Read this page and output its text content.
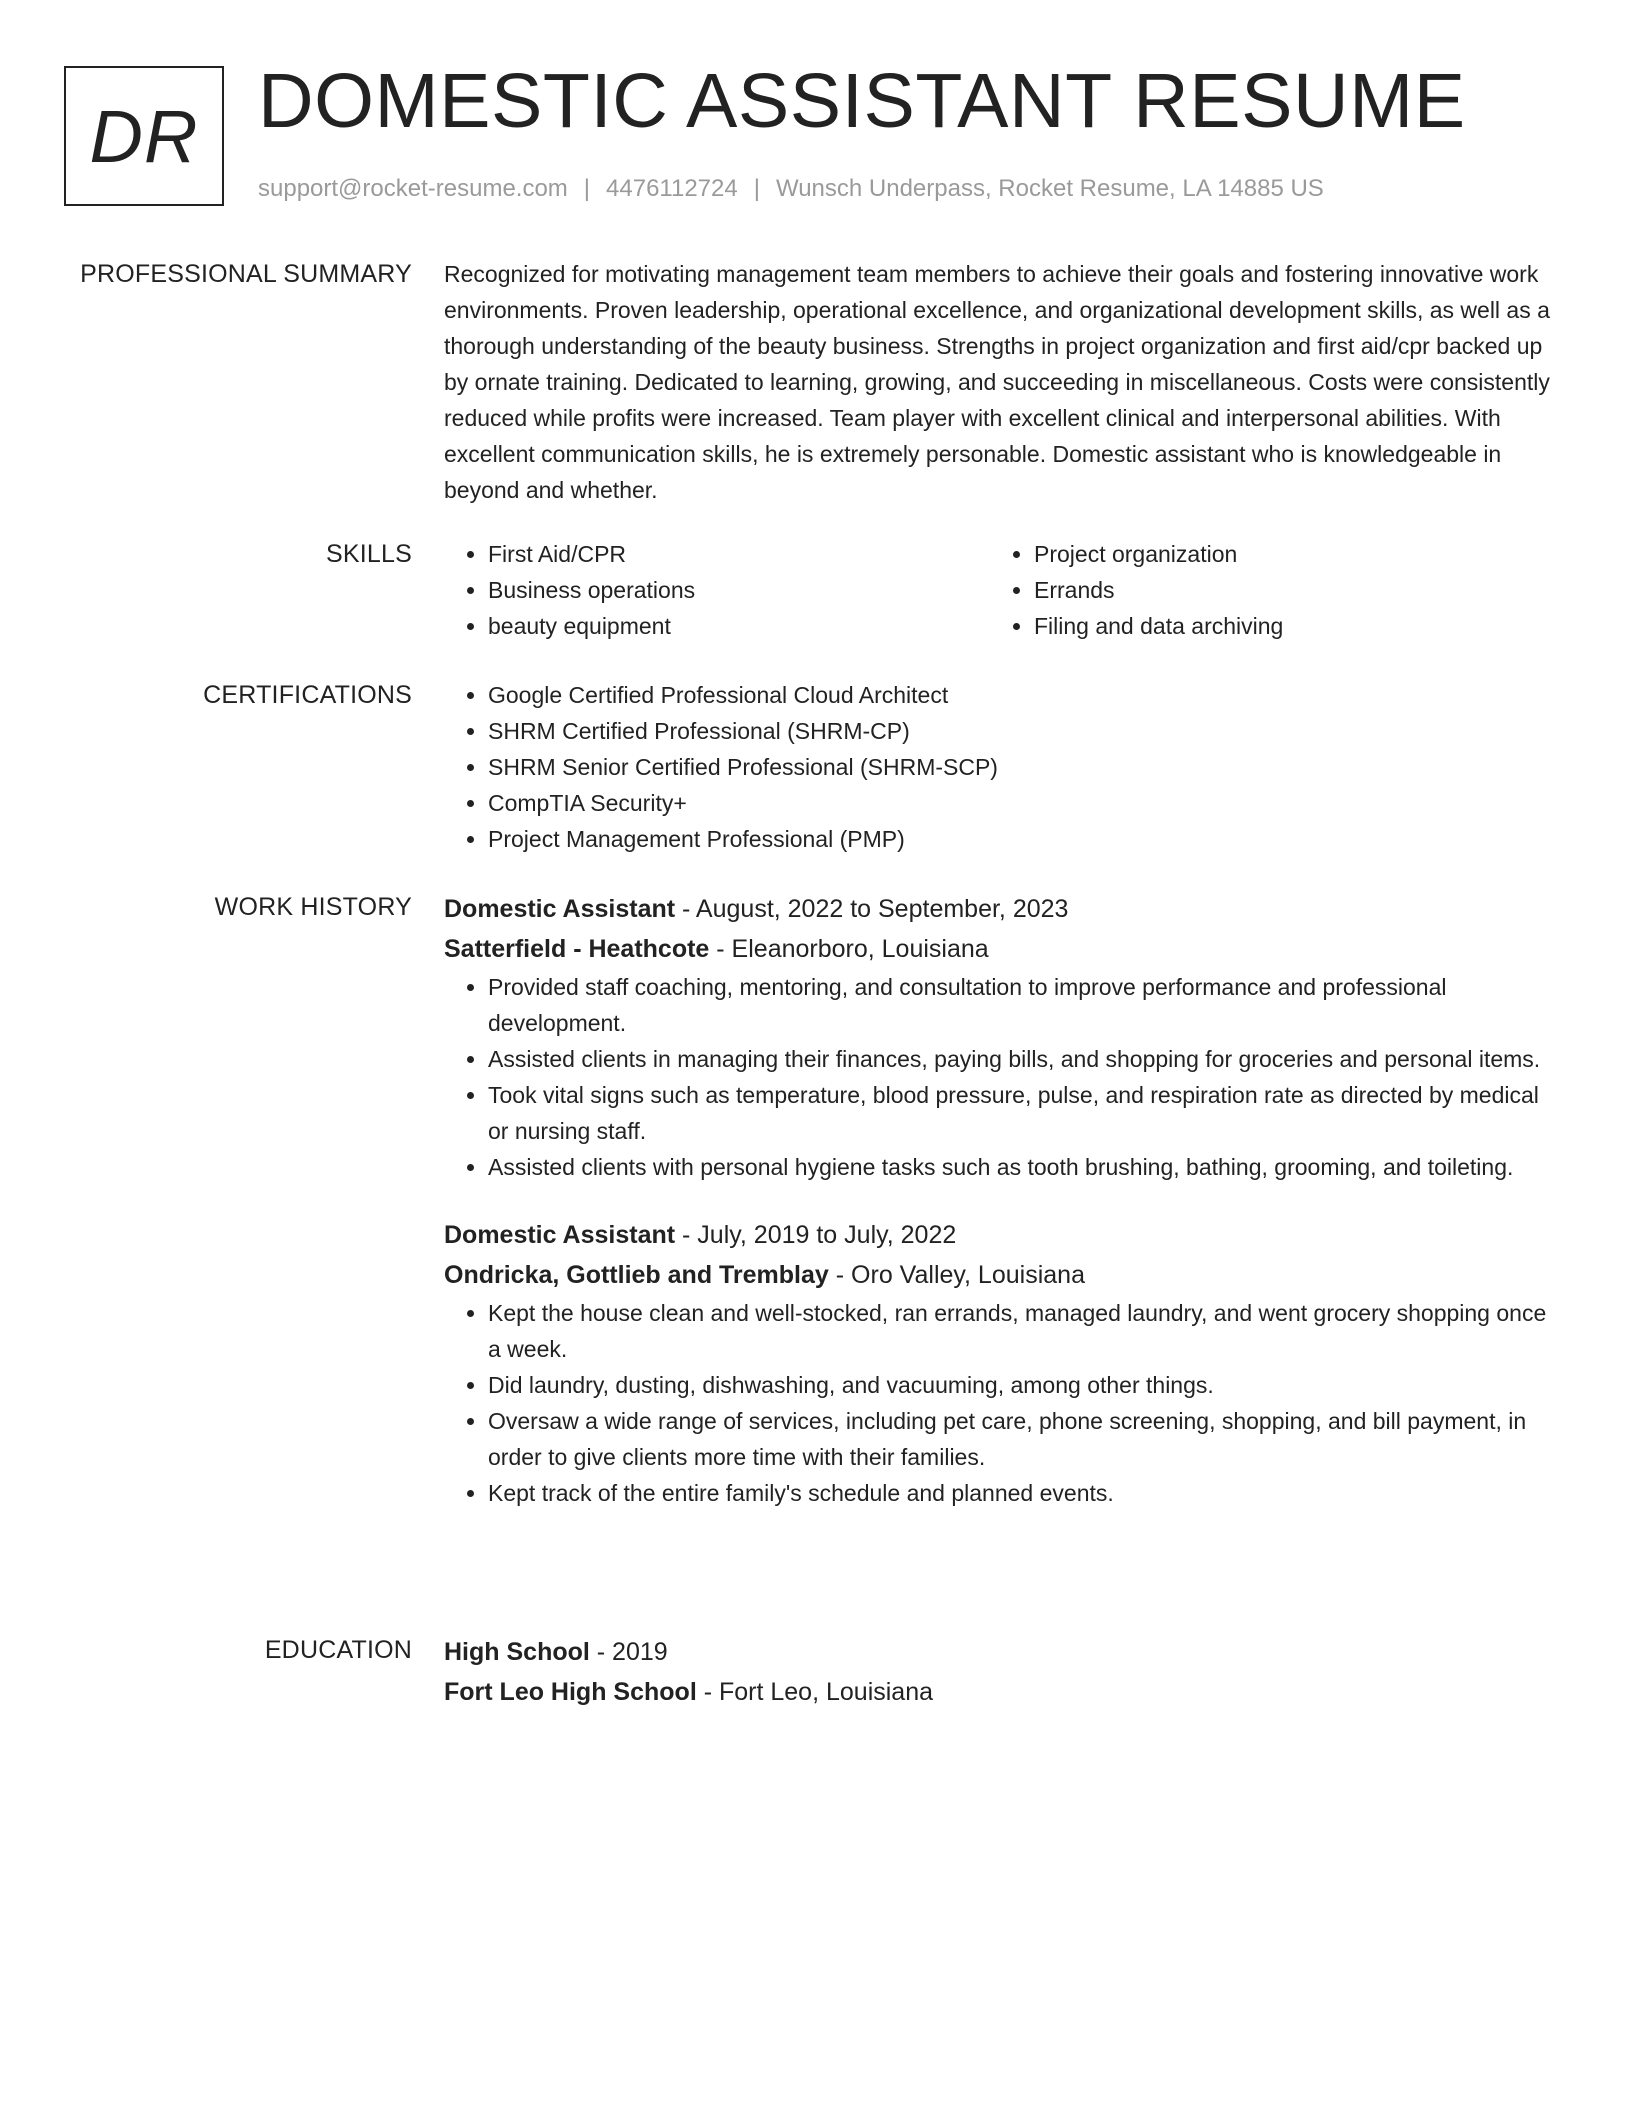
DR DOMESTIC ASSISTANT RESUME
support@rocket-resume.com | 4476112724 | Wunsch Underpass, Rocket Resume, LA 14885 US
PROFESSIONAL SUMMARY Recognized for motivating management team members to achieve their goals and fostering innovative work environments. Proven leadership, operational excellence, and organizational development skills, as well as a thorough understanding of the beauty business. Strengths in project organization and first aid/cpr backed up by ornate training. Dedicated to learning, growing, and succeeding in miscellaneous. Costs were consistently reduced while profits were increased. Team player with excellent clinical and interpersonal abilities. With excellent communication skills, he is extremely personable. Domestic assistant who is knowledgeable in beyond and whether.

SKILLS	• First Aid/CPR
• Business operations
• beauty equipment
• Project organization
• Errands
• Filing and data archiving
CERTIFICATIONS	• Google Certified Professional Cloud Architect
• SHRM Certified Professional (SHRM-CP)
• SHRM Senior Certified Professional (SHRM-SCP)
• CompTIA Security+
• Project Management Professional (PMP)
WORK HISTORY Domestic Assistant - August, 2022 to September, 2023
Satterfield - Heathcote - Eleanorboro, Louisiana
• Provided staff coaching, mentoring, and consultation to improve performance and professional development.
• Assisted clients in managing their finances, paying bills, and shopping for groceries and personal items.
• Took vital signs such as temperature, blood pressure, pulse, and respiration rate as directed by medical or nursing staff.
• Assisted clients with personal hygiene tasks such as tooth brushing, bathing, grooming, and toileting.
Domestic Assistant - July, 2019 to July, 2022
Ondricka, Gottlieb and Tremblay - Oro Valley, Louisiana
• Kept the house clean and well-stocked, ran errands, managed laundry, and went grocery shopping once a week.
• Did laundry, dusting, dishwashing, and vacuuming, among other things.
• Oversaw a wide range of services, including pet care, phone screening, shopping, and bill payment, in order to give clients more time with their families.
• Kept track of the entire family's schedule and planned events.
EDUCATION High School - 2019
Fort Leo High School - Fort Leo, Louisiana
